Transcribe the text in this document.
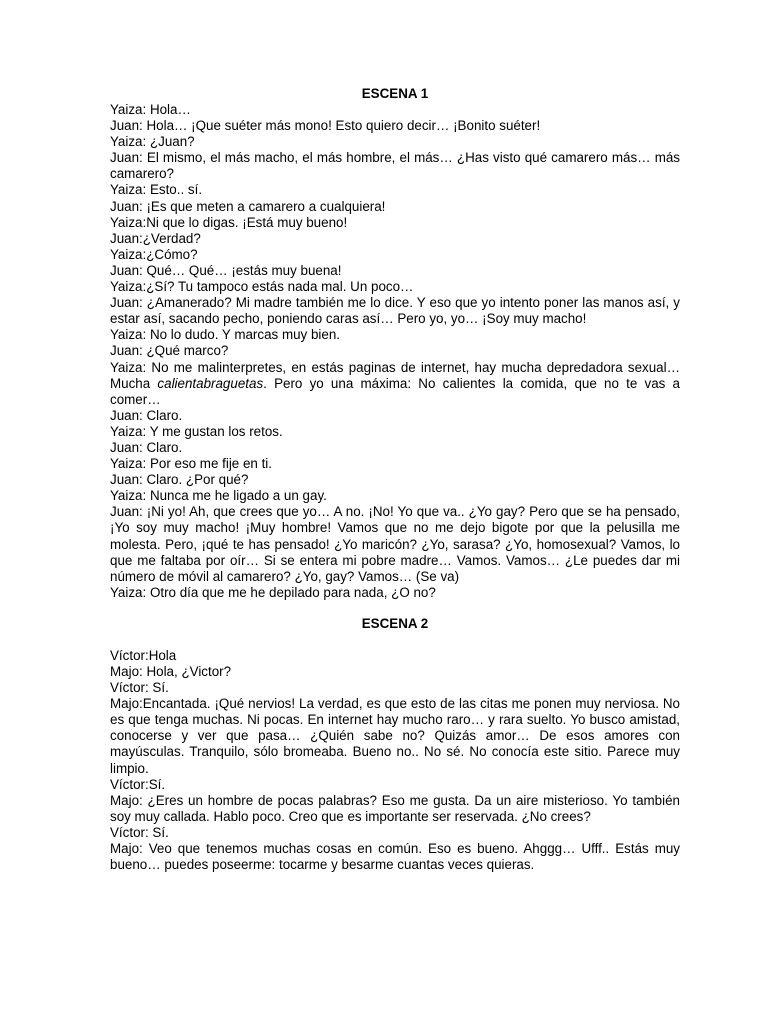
ESCENA 1

Yaiza: Hola…

Juan: Hola… ¡Que suéter más mono! Esto quiero decir… ¡Bonito suéter!

Yaiza: ¿Juan?

Juan: El mismo, el más macho, el más hombre, el más… ¿Has visto qué camarero más… más camarero?

Yaiza: Esto.. sí.

Juan: ¡Es que meten a camarero a cualquiera!

Yaiza:Ni que lo digas. ¡Está muy bueno!

Juan:¿Verdad?

Yaiza:¿Cómo?

Juan: Qué… Qué… ¡estás muy buena!

Yaiza:¿Sí? Tu tampoco estás nada mal. Un poco…

Juan: ¿Amanerado? Mi madre también me lo dice. Y eso que yo intento poner las manos así, y estar así, sacando pecho, poniendo caras así… Pero yo, yo… ¡Soy muy macho!

Yaiza: No lo dudo. Y marcas muy bien.

Juan: ¿Qué marco?

Yaiza: No me malinterpretes, en estás paginas de internet, hay mucha depredadora sexual… Mucha calientabraguetas. Pero yo una máxima: No calientes la comida, que no te vas a comer…

Juan: Claro.

Yaiza: Y me gustan los retos.

Juan: Claro.

Yaiza: Por eso me fije en ti.

Juan: Claro. ¿Por qué?

Yaiza: Nunca me he ligado a un gay.

Juan: ¡Ni yo! Ah, que crees que yo… A no. ¡No! Yo que va.. ¿Yo gay? Pero que se ha pensado, ¡Yo soy muy macho! ¡Muy hombre! Vamos que no me dejo bigote por que la pelusilla me molesta. Pero, ¡qué te has pensado! ¿Yo maricón? ¿Yo, sarasa? ¿Yo, homosexual? Vamos, lo que me faltaba por oír… Si se entera mi pobre madre… Vamos. Vamos… ¿Le puedes dar mi número de móvil al camarero? ¿Yo, gay? Vamos… (Se va)

Yaiza: Otro día que me he depilado para nada, ¿O no?

ESCENA 2

Víctor:Hola

Majo: Hola, ¿Victor?

Víctor: Sí.

Majo:Encantada. ¡Qué nervios! La verdad, es que esto de las citas me ponen muy nerviosa. No es que tenga muchas. Ni pocas. En internet hay mucho raro… y rara suelto. Yo busco amistad, conocerse y ver que pasa… ¿Quién sabe no? Quizás amor… De esos amores con mayúsculas. Tranquilo, sólo bromeaba. Bueno no.. No sé. No conocía este sitio. Parece muy limpio.

Víctor:Sí.

Majo: ¿Eres un hombre de pocas palabras? Eso me gusta. Da un aire misterioso. Yo también soy muy callada. Hablo poco. Creo que es importante ser reservada. ¿No crees?

Víctor: Sí.

Majo: Veo que tenemos muchas cosas en común. Eso es bueno. Ahggg… Ufff.. Estás muy bueno… puedes poseerme: tocarme y besarme cuantas veces quieras.
